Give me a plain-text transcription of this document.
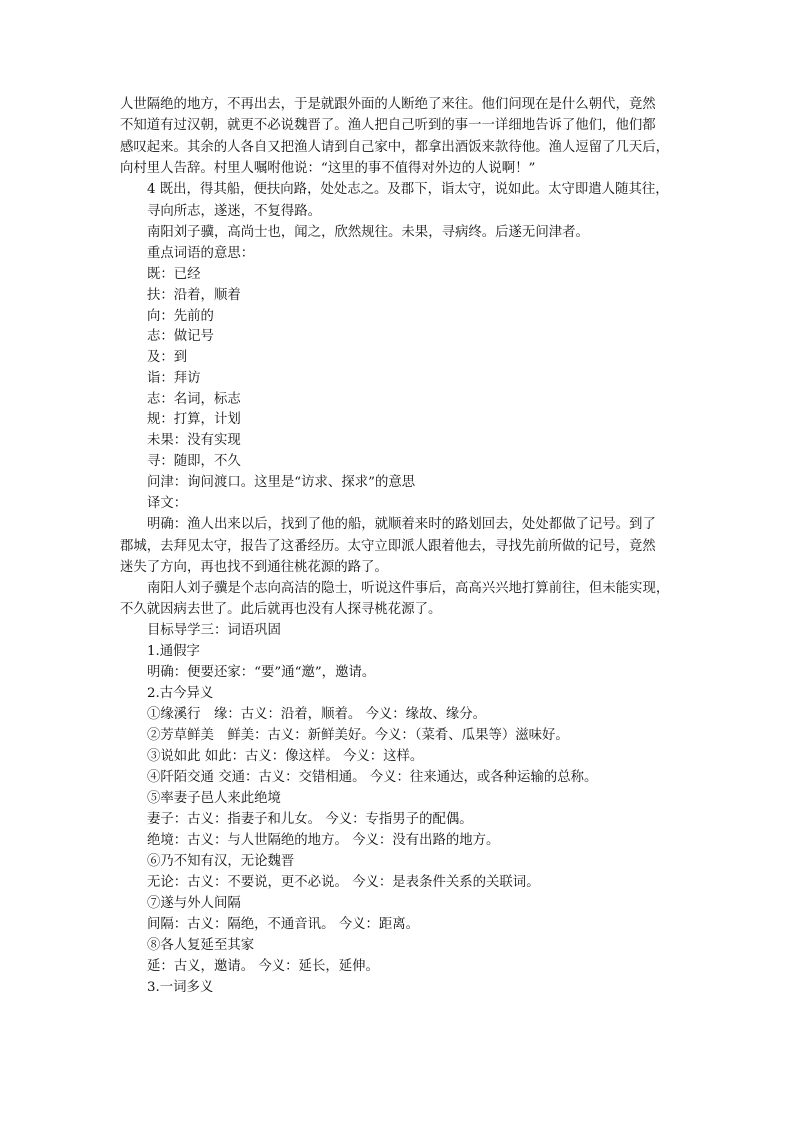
人世隔绝的地方，不再出去，于是就跟外面的人断绝了来往。他们问现在是什么朝代，竟然
不知道有过汉朝，就更不必说魏晋了。渔人把自己听到的事一一详细地告诉了他们，他们都
感叹起来。其余的人各自又把渔人请到自己家中，都拿出酒饭来款待他。渔人逗留了几天后，
向村里人告辞。村里人嘱咐他说：“这里的事不值得对外边的人说啊！”
4 既出，得其船，便扶向路，处处志之。及郡下，诣太守，说如此。太守即遣人随其往，
寻向所志，遂迷，不复得路。
南阳刘子骥，高尚士也，闻之，欣然规往。未果，寻病终。后遂无问津者。
重点词语的意思：
既：已经
扶：沿着，顺着
向：先前的
志：做记号
及：到
诣：拜访
志：名词，标志
规：打算，计划
未果：没有实现
寻：随即，不久
问津：询问渡口。这里是“访求、探求”的意思
译文：
明确：渔人出来以后，找到了他的船，就顺着来时的路划回去，处处都做了记号。到了
郡城，去拜见太守，报告了这番经历。太守立即派人跟着他去，寻找先前所做的记号，竟然
迷失了方向，再也找不到通往桃花源的路了。
南阳人刘子骥是个志向高洁的隐士，听说这件事后，高高兴兴地打算前往，但未能实现，
不久就因病去世了。此后就再也没有人探寻桃花源了。
目标导学三：词语巩固
1.通假字
明确：便要还家：“要”通“邀”，邀请。
2.古今异义
①缘溪行　缘：古义：沿着，顺着。 今义：缘故、缘分。
②芳草鲜美　鲜美：古义：新鲜美好。今义：（菜肴、瓜果等）滋味好。
③说如此 如此：古义：像这样。 今义：这样。
④阡陌交通 交通：古义：交错相通。 今义：往来通达，或各种运输的总称。
⑤率妻子邑人来此绝境
妻子：古义：指妻子和儿女。 今义：专指男子的配偶。
绝境：古义：与人世隔绝的地方。 今义：没有出路的地方。
⑥乃不知有汉，无论魏晋
无论：古义：不要说，更不必说。 今义：是表条件关系的关联词。
⑦遂与外人间隔
间隔：古义：隔绝，不通音讯。 今义：距离。
⑧各人复延至其家
延：古义，邀请。 今义：延长，延伸。
3.一词多义
